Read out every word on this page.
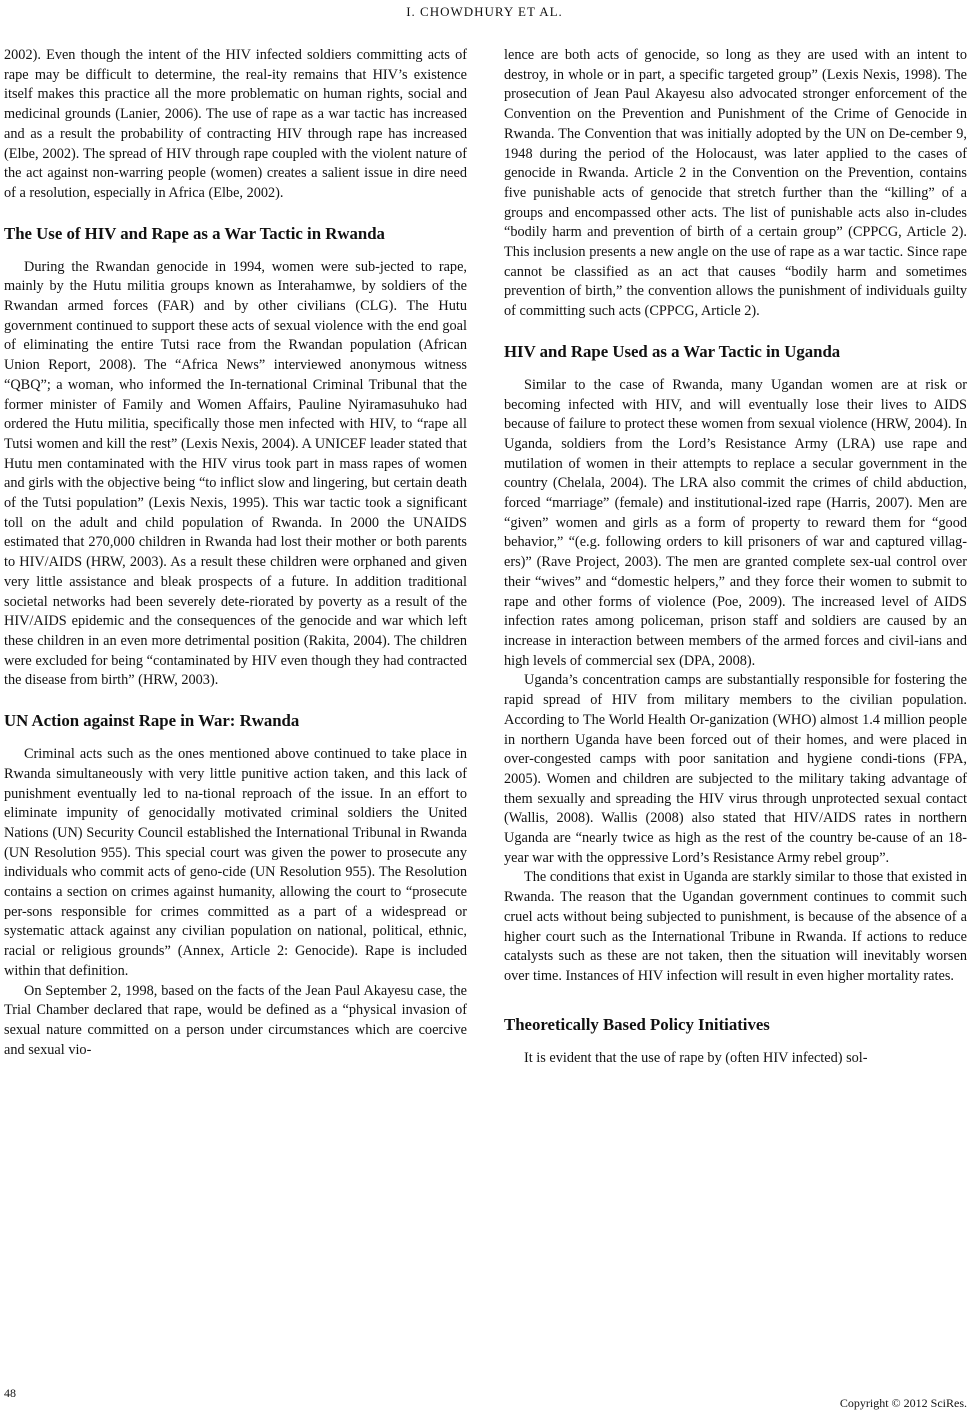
I. CHOWDHURY ET AL.

2002). Even though the intent of the HIV infected soldiers committing acts of rape may be difficult to determine, the real-ity remains that HIV’s existence itself makes this practice all the more problematic on human rights, social and medicinal grounds (Lanier, 2006). The use of rape as a war tactic has increased and as a result the probability of contracting HIV through rape has increased (Elbe, 2002). The spread of HIV through rape coupled with the violent nature of the act against non-warring people (women) creates a salient issue in dire need of a resolution, especially in Africa (Elbe, 2002).

The Use of HIV and Rape as a War Tactic in Rwanda

During the Rwandan genocide in 1994, women were sub-jected to rape, mainly by the Hutu militia groups known as Interahamwe, by soldiers of the Rwandan armed forces (FAR) and by other civilians (CLG). The Hutu government continued to support these acts of sexual violence with the end goal of eliminating the entire Tutsi race from the Rwandan population (African Union Report, 2008). The “Africa News” interviewed anonymous witness “QBQ”; a woman, who informed the In-ternational Criminal Tribunal that the former minister of Family and Women Affairs, Pauline Nyiramasuhuko had ordered the Hutu militia, specifically those men infected with HIV, to “rape all Tutsi women and kill the rest” (Lexis Nexis, 2004). A UNICEF leader stated that Hutu men contaminated with the HIV virus took part in mass rapes of women and girls with the objective being “to inflict slow and lingering, but certain death of the Tutsi population” (Lexis Nexis, 1995). This war tactic took a significant toll on the adult and child population of Rwanda. In 2000 the UNAIDS estimated that 270,000 children in Rwanda had lost their mother or both parents to HIV/AIDS (HRW, 2003). As a result these children were orphaned and given very little assistance and bleak prospects of a future. In addition traditional societal networks had been severely dete-riorated by poverty as a result of the HIV/AIDS epidemic and the consequences of the genocide and war which left these children in an even more detrimental position (Rakita, 2004). The children were excluded for being “contaminated by HIV even though they had contracted the disease from birth” (HRW, 2003).

UN Action against Rape in War: Rwanda

Criminal acts such as the ones mentioned above continued to take place in Rwanda simultaneously with very little punitive action taken, and this lack of punishment eventually led to na-tional reproach of the issue. In an effort to eliminate impunity of genocidally motivated criminal soldiers the United Nations (UN) Security Council established the International Tribunal in Rwanda (UN Resolution 955). This special court was given the power to prosecute any individuals who commit acts of geno-cide (UN Resolution 955). The Resolution contains a section on crimes against humanity, allowing the court to “prosecute per-sons responsible for crimes committed as a part of a widespread or systematic attack against any civilian population on national, political, ethnic, racial or religious grounds” (Annex, Article 2: Genocide). Rape is included within that definition.

On September 2, 1998, based on the facts of the Jean Paul Akayesu case, the Trial Chamber declared that rape, would be defined as a “physical invasion of sexual nature committed on a person under circumstances which are coercive and sexual vio-

lence are both acts of genocide, so long as they are used with an intent to destroy, in whole or in part, a specific targeted group” (Lexis Nexis, 1998). The prosecution of Jean Paul Akayesu also advocated stronger enforcement of the Convention on the Prevention and Punishment of the Crime of Genocide in Rwanda. The Convention that was initially adopted by the UN on De-cember 9, 1948 during the period of the Holocaust, was later applied to the cases of genocide in Rwanda. Article 2 in the Convention on the Prevention, contains five punishable acts of genocide that stretch further than the “killing” of a groups and encompassed other acts. The list of punishable acts also in-cludes “bodily harm and prevention of birth of a certain group” (CPPCG, Article 2). This inclusion presents a new angle on the use of rape as a war tactic. Since rape cannot be classified as an act that causes “bodily harm and sometimes prevention of birth,” the convention allows the punishment of individuals guilty of committing such acts (CPPCG, Article 2).

HIV and Rape Used as a War Tactic in Uganda

Similar to the case of Rwanda, many Ugandan women are at risk or becoming infected with HIV, and will eventually lose their lives to AIDS because of failure to protect these women from sexual violence (HRW, 2004). In Uganda, soldiers from the Lord’s Resistance Army (LRA) use rape and mutilation of women in their attempts to replace a secular government in the country (Chelala, 2004). The LRA also commit the crimes of child abduction, forced “marriage” (female) and institutional-ized rape (Harris, 2007). Men are “given” women and girls as a form of property to reward them for “good behavior,” “(e.g. following orders to kill prisoners of war and captured villag-ers)” (Rave Project, 2003). The men are granted complete sex-ual control over their “wives” and “domestic helpers,” and they force their women to submit to rape and other forms of violence (Poe, 2009). The increased level of AIDS infection rates among policeman, prison staff and soldiers are caused by an increase in interaction between members of the armed forces and civil-ians and high levels of commercial sex (DPA, 2008).

Uganda’s concentration camps are substantially responsible for fostering the rapid spread of HIV from military members to the civilian population. According to The World Health Or-ganization (WHO) almost 1.4 million people in northern Uganda have been forced out of their homes, and were placed in over-congested camps with poor sanitation and hygiene condi-tions (FPA, 2005). Women and children are subjected to the military taking advantage of them sexually and spreading the HIV virus through unprotected sexual contact (Wallis, 2008). Wallis (2008) also stated that HIV/AIDS rates in northern Uganda are “nearly twice as high as the rest of the country be-cause of an 18-year war with the oppressive Lord’s Resistance Army rebel group”.

The conditions that exist in Uganda are starkly similar to those that existed in Rwanda. The reason that the Ugandan government continues to commit such cruel acts without being subjected to punishment, is because of the absence of a higher court such as the International Tribune in Rwanda. If actions to reduce catalysts such as these are not taken, then the situation will inevitably worsen over time. Instances of HIV infection will result in even higher mortality rates.

Theoretically Based Policy Initiatives

It is evident that the use of rape by (often HIV infected) sol-

48
Copyright © 2012 SciRes.
